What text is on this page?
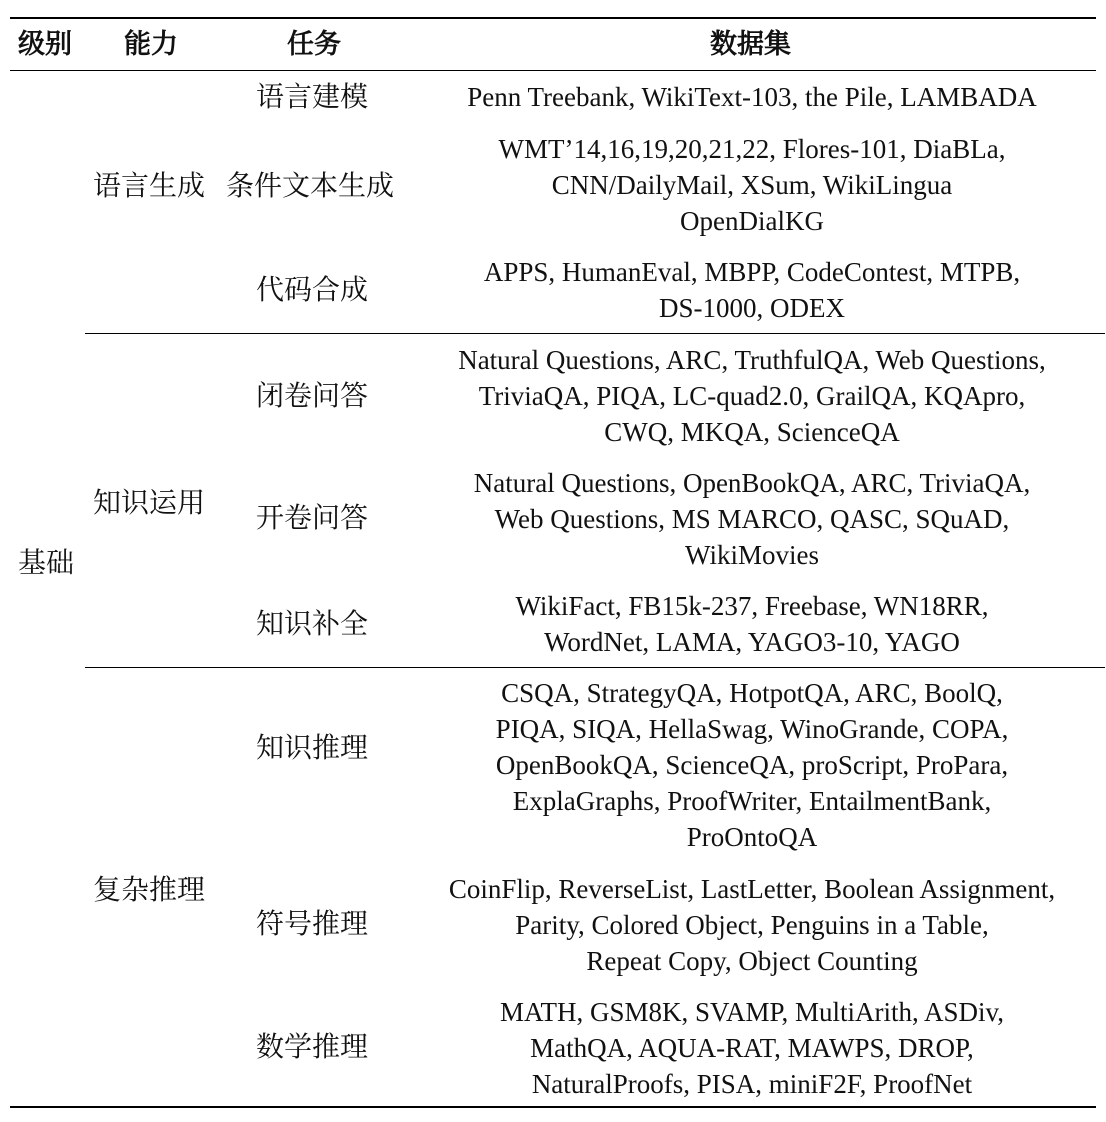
级别 能力	任务	数据集
基础
语言生成
知识运用
复杂推理
语言建模
条件文本生成
代码合成
闭卷问答
开卷问答
知识补全
知识推理
符号推理
数学推理
Penn Treebank, WikiText-103, the Pile, LAMBADA
WMT’14,16,19,20,21,22, Flores-101, DiaBLa,
CNN/DailyMail, XSum, WikiLingua
OpenDialKG
APPS, HumanEval, MBPP, CodeContest, MTPB,
DS-1000, ODEX
Natural Questions, ARC, TruthfulQA, Web Questions,
TriviaQA, PIQA, LC-quad2.0, GrailQA, KQApro,
CWQ, MKQA, ScienceQA
Natural Questions, OpenBookQA, ARC, TriviaQA,
Web Questions, MS MARCO, QASC, SQuAD,
WikiMovies
WikiFact, FB15k-237, Freebase, WN18RR,
WordNet, LAMA, YAGO3-10, YAGO
CSQA, StrategyQA, HotpotQA, ARC, BoolQ,
PIQA, SIQA, HellaSwag, WinoGrande, COPA,
OpenBookQA, ScienceQA, proScript, ProPara,
ExplaGraphs, ProofWriter, EntailmentBank,
ProOntoQA
CoinFlip, ReverseList, LastLetter, Boolean Assignment,
Parity, Colored Object, Penguins in a Table,
Repeat Copy, Object Counting
MATH, GSM8K, SVAMP, MultiArith, ASDiv,
MathQA, AQUA-RAT, MAWPS, DROP,
NaturalProofs, PISA, miniF2F, ProofNet
